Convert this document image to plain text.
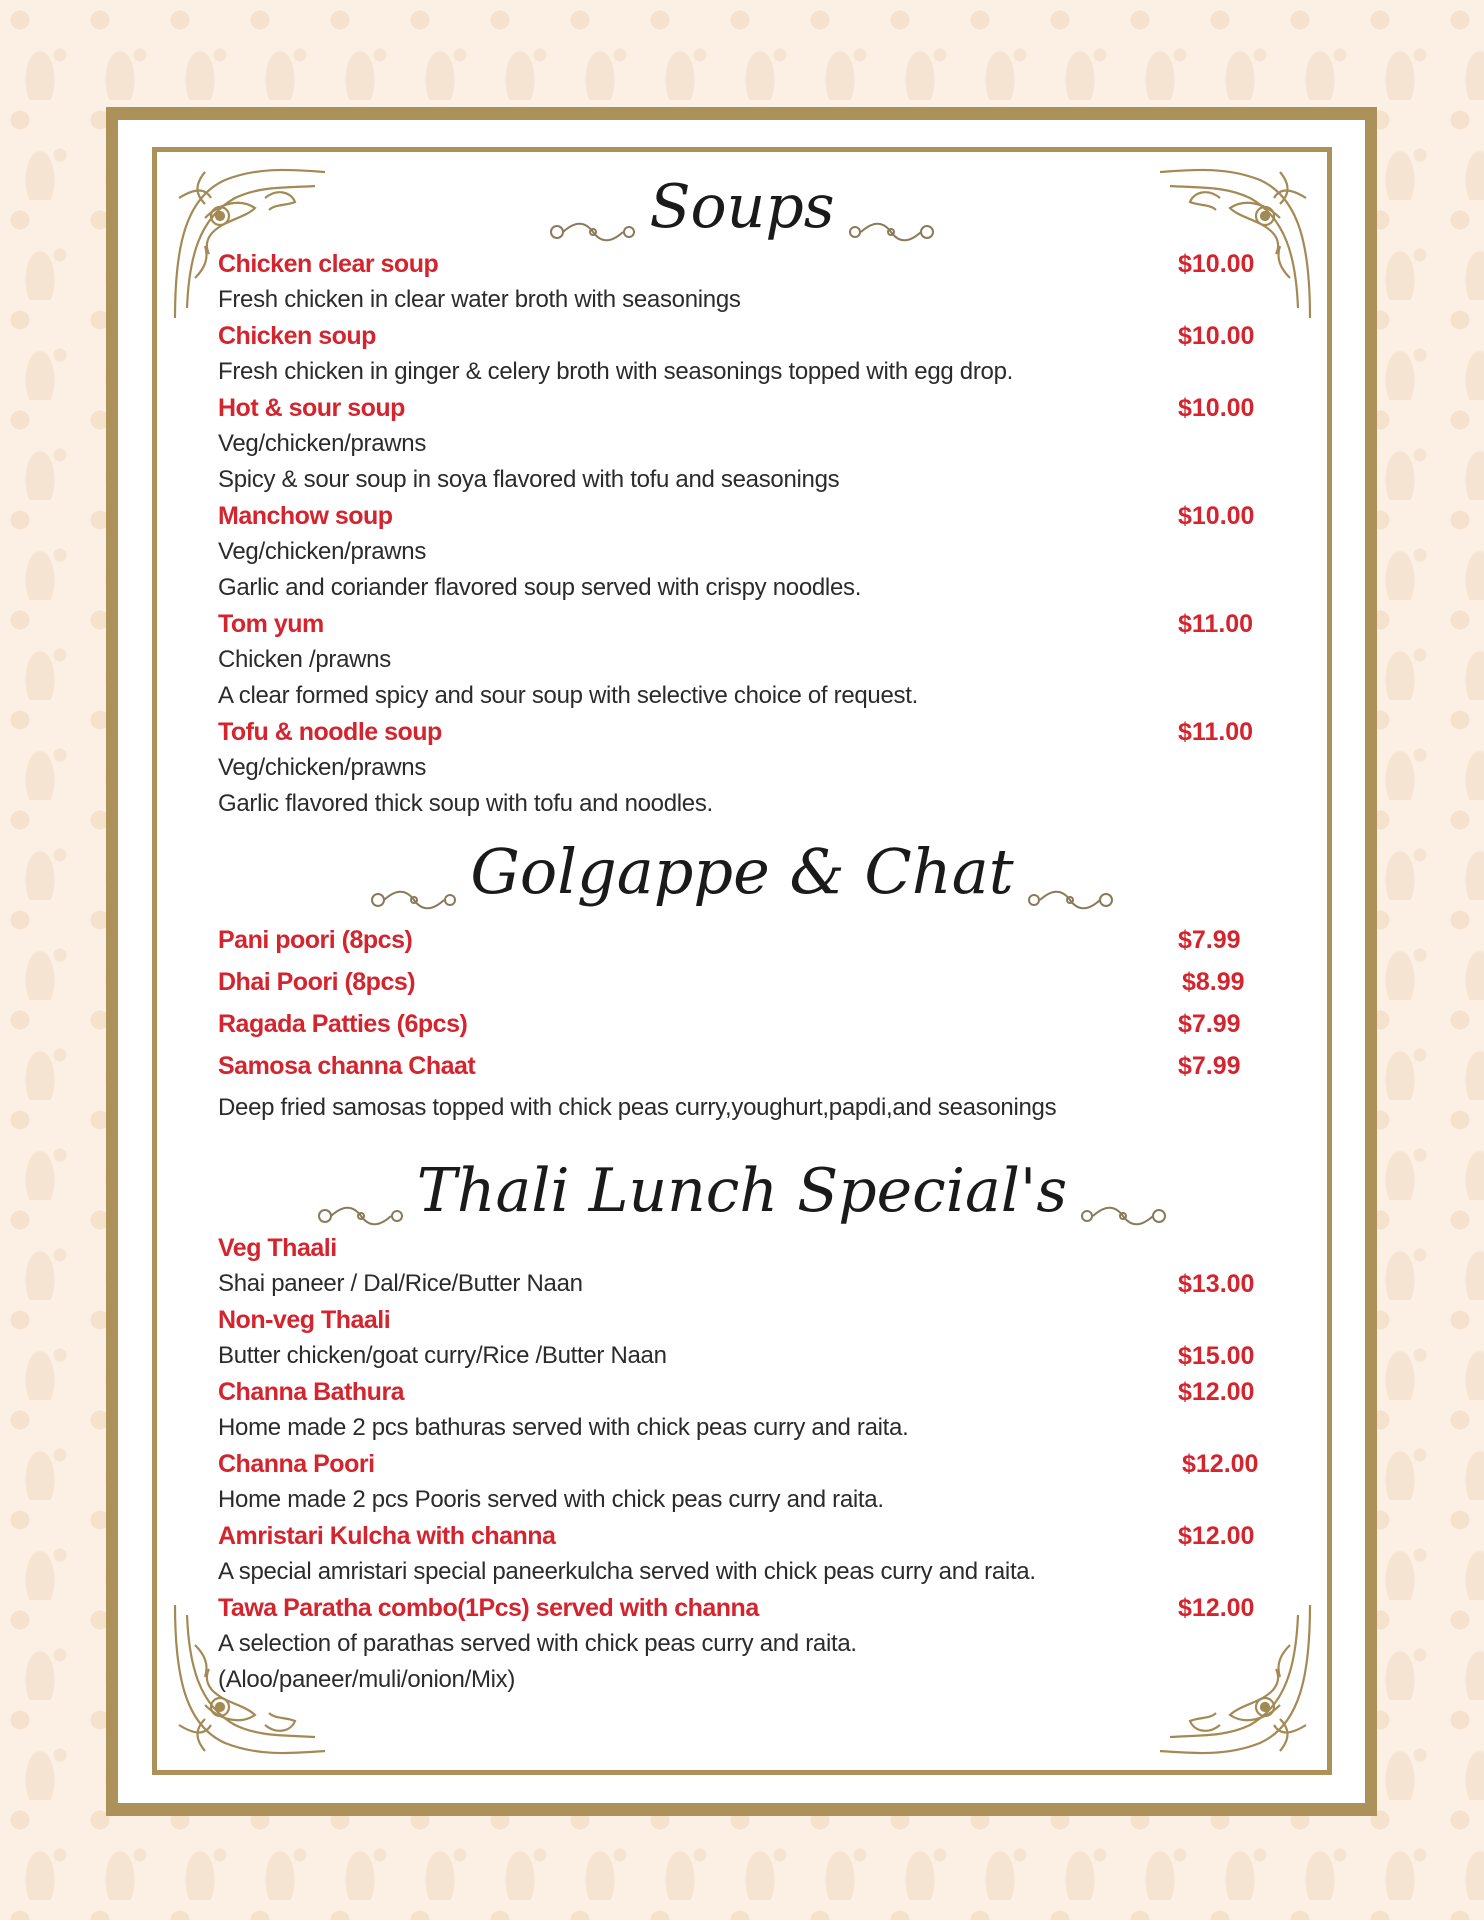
Soups
Golgappe & Chat
Thali Lunch Special's
Chicken clear soup	$10.00
Fresh chicken in clear water broth with seasonings
Chicken soup	$10.00
Fresh chicken in ginger & celery broth with seasonings topped with egg drop.
Hot & sour soup	$10.00
Veg/chicken/prawns
Spicy & sour soup in soya flavored with tofu and seasonings
Manchow soup	$10.00
Veg/chicken/prawns
Garlic and coriander flavored soup served with crispy noodles.
Tom yum	$11.00
Chicken /prawns
A clear formed spicy and sour soup with selective choice of request.
Tofu & noodle soup	$11.00
Veg/chicken/prawns
Garlic flavored thick soup with tofu and noodles.
Pani poori (8pcs)	$7.99
Dhai Poori (8pcs)	$8.99
Ragada Patties (6pcs)	$7.99
Samosa channa Chaat	$7.99
Deep fried samosas topped with chick peas curry,youghurt,papdi,and seasonings
Veg Thaali
Shai paneer / Dal/Rice/Butter Naan	$13.00
Non-veg Thaali
Butter chicken/goat curry/Rice /Butter Naan	$15.00
Channa Bathura	$12.00
Home made 2 pcs bathuras served with chick peas curry and raita.
Channa Poori	$12.00
Home made 2 pcs Pooris served with chick peas curry and raita.
Amristari Kulcha with channa	$12.00
A special amristari special paneerkulcha served with chick peas curry and raita.
Tawa Paratha combo(1Pcs) served with channa	$12.00
A selection of parathas served with chick peas curry and raita.
(Aloo/paneer/muli/onion/Mix)
